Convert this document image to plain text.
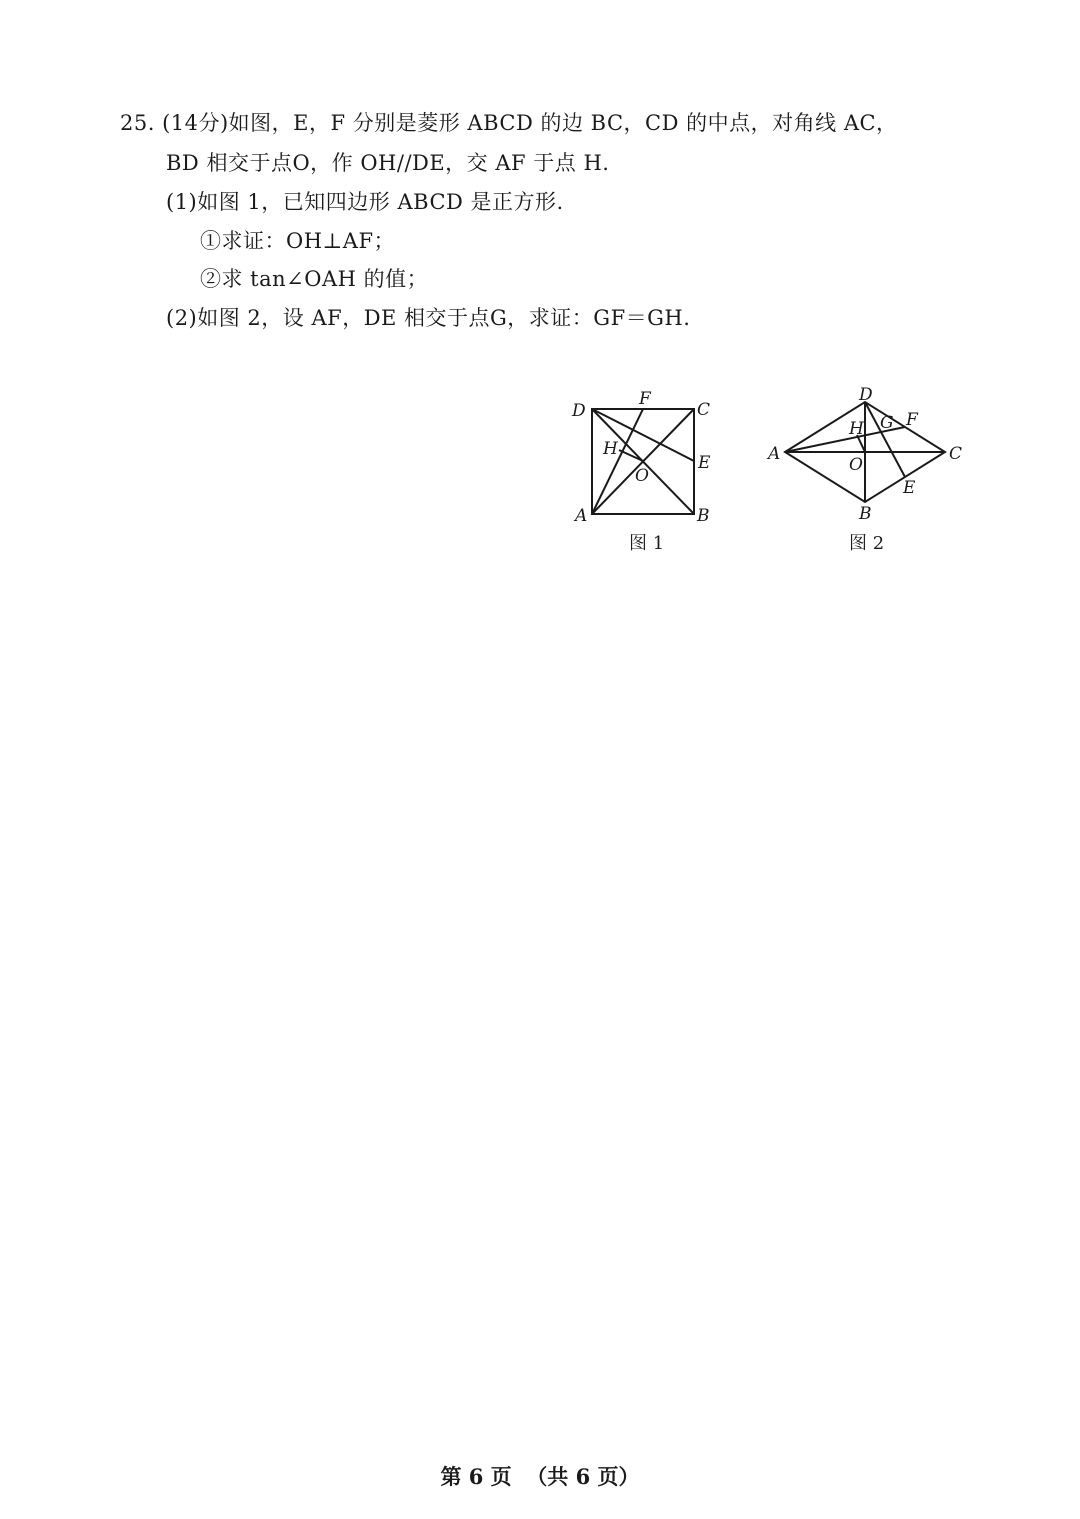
25. (14分)如图，E，F 分别是菱形 ABCD 的边 BC，CD 的中点，对角线 AC，
BD 相交于点O，作 OH//DE，交 AF 于点 H.
(1)如图 1，已知四边形 ABCD 是正方形.
①求证：OH⊥AF；
②求 tan∠OAH 的值；
(2)如图 2，设 AF，DE 相交于点G，求证：GF＝GH.
D	C
F
E
H
O
A	B
图 1
D
H G F
A	C
O
E
B
图 2
第 6 页  （共 6 页）
